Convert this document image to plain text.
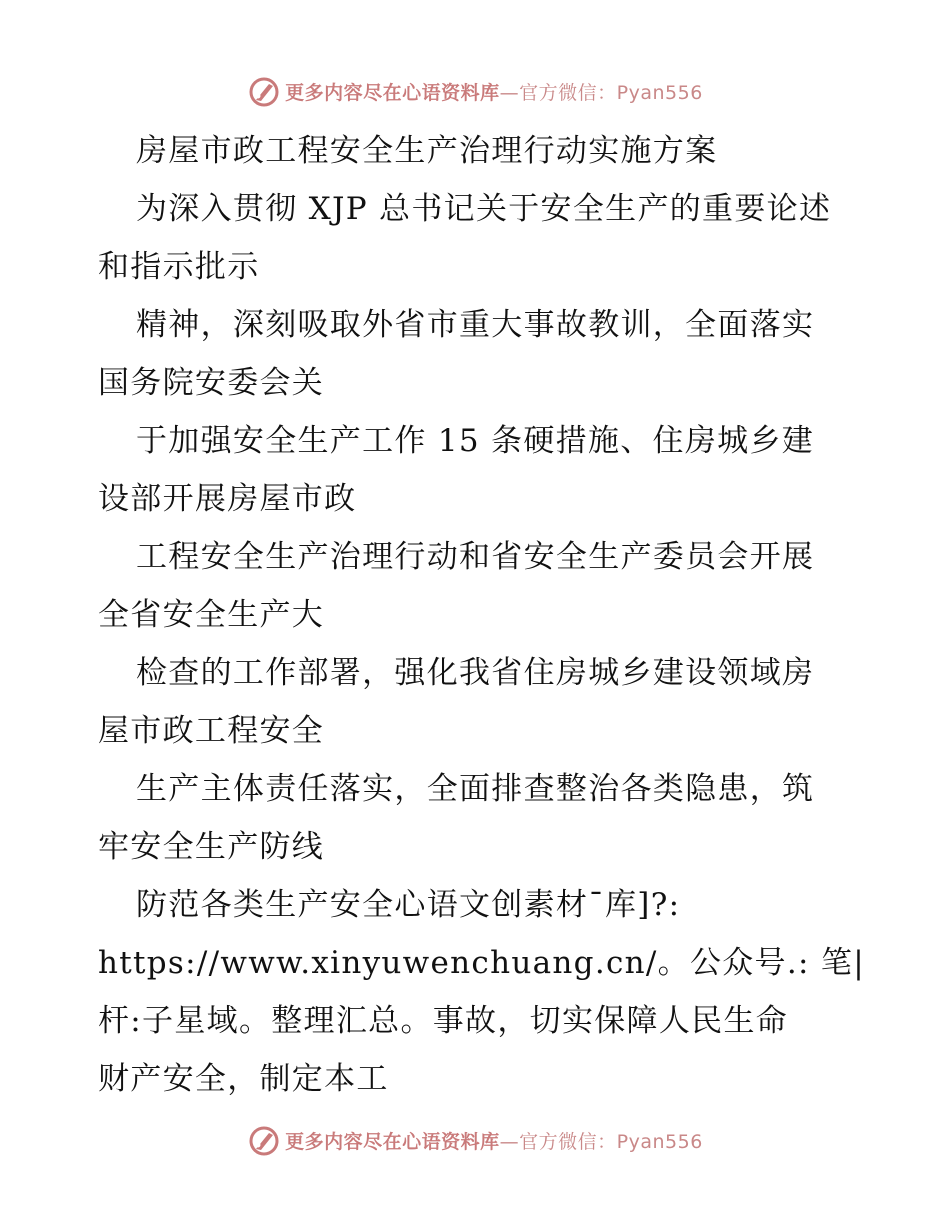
更多内容尽在心语资料库—官方微信：Pyan556
房屋市政工程安全生产治理行动实施方案
为深入贯彻 XJP 总书记关于安全生产的重要论述
和指示批示
精神，深刻吸取外省市重大事故教训，全面落实
国务院安委会关
于加强安全生产工作 15 条硬措施、住房城乡建
设部开展房屋市政
工程安全生产治理行动和省安全生产委员会开展
全省安全生产大
检查的工作部署，强化我省住房城乡建设领域房
屋市政工程安全
生产主体责任落实，全面排查整治各类隐患，筑
牢安全生产防线
防范各类生产安全心语文创素材¯库]?:
https://www.xinyuwenchuang.cn/。公众号.: 笔|
杆:子星域。整理汇总。事故，切实保障人民生命
财产安全，制定本工
更多内容尽在心语资料库—官方微信：Pyan556
